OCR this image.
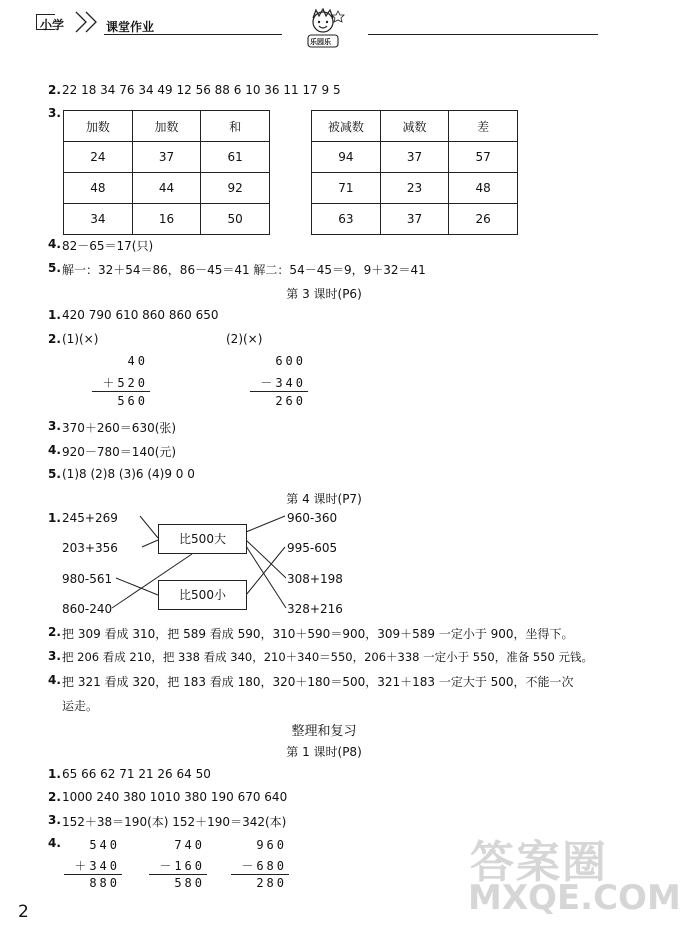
小学	课堂作业
乐园乐
2. 22 18 34 76 34 49 12 56 88 6 10 36 11 17 9 5
3.
加数	加数	和
24	37	61
48	44	92
34	16	50
被减数	减数	差
94	37	57
71	23	48
63	37	26
4. 82－65＝17(只)
5. 解一：32＋54＝86，86－45＝41 解二：54－45＝9，9＋32＝41
第 3 课时(P6)
1. 420 790 610 860 860 650
2. (1)(×)	(2)(×)
40
＋520
560
600
－340
260
3. 370＋260＝630(张)
4. 920－780＝140(元)
5. (1)8 (2)8 (3)6 (4)9 0 0
第 4 课时(P7)
1. 245+269
203+356
980-561
860-240
960-360
995-605
308+198
328+216
比500大
比500小
2. 把 309 看成 310，把 589 看成 590，310＋590＝900，309＋589 一定小于 900，坐得下。
3. 把 206 看成 210，把 338 看成 340，210＋340＝550，206＋338 一定小于 550，准备 550 元钱。
4. 把 321 看成 320，把 183 看成 180，320＋180＝500，321＋183 一定大于 500，不能一次
运走。
整理和复习
第 1 课时(P8)
1. 65 66 62 71 21 26 64 50
2. 1000 240 380 1010 380 190 670 640
3. 152＋38＝190(本) 152＋190＝342(本)
4.	540
＋340
880
740
－160
580
960
－680
280	答案圈
MXQE.COM
2
